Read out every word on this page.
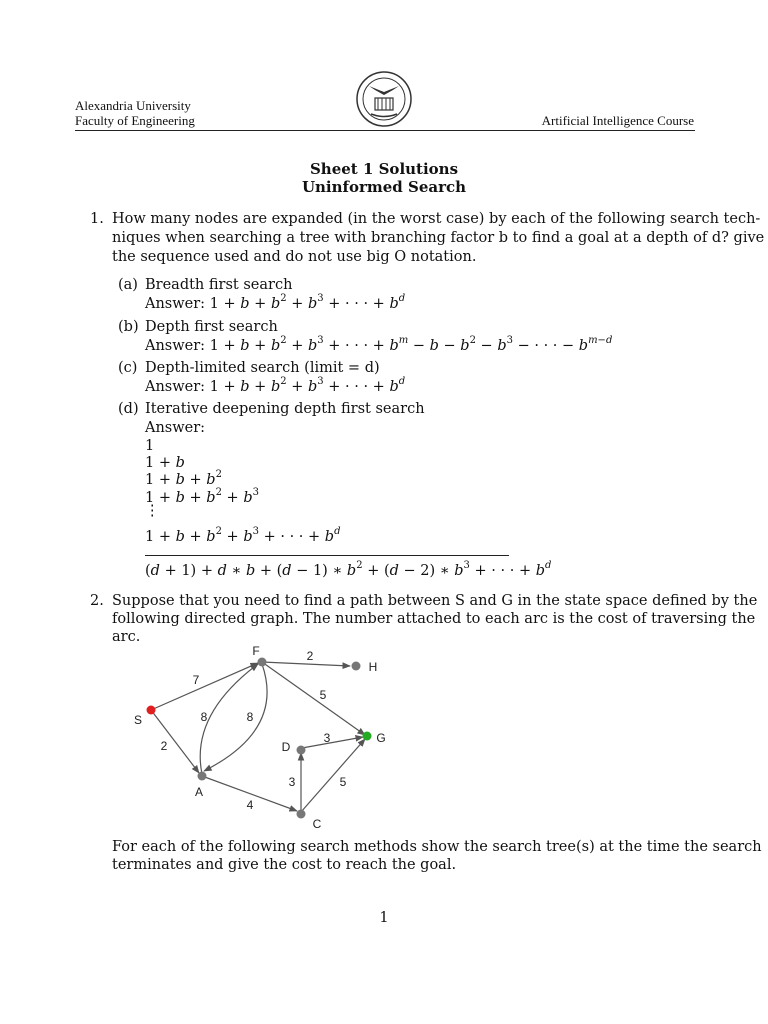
Alexandria University
Faculty of Engineering	Artificial Intelligence Course
Sheet 1 Solutions
Uninformed Search
1. How many nodes are expanded (in the worst case) by each of the following search tech-
niques when searching a tree with branching factor b to find a goal at a depth of d? give
the sequence used and do not use big O notation.
(a) Breadth first search
Answer: $1 + b + b^2 + b^3$ + · · · + $b^d$
(b) Depth first search
Answer: $1 + b + b^2 + b^3$ + · · · + $b^m - b - b^2 - b^3$ − · · · − $b^{m-d}$
(c) Depth-limited search (limit = d)
Answer: $1 + b + b^2 + b^3$ + · · · + $b^d$
(d) Iterative deepening depth first search
Answer:
1
1 + b
$1 + b + b^2$
$1 + b + b^2 + b^3$
⋮
$1 + b + b^2 + b^3$ + · · · + $b^d$
(d + 1) + d ∗ b + (d − 1) ∗ $b^2 + (d - 2)$ ∗ $b^3$ + · · · + $b^d$
2. Suppose that you need to find a path between S and G in the state space defined by the
following directed graph. The number attached to each arc is the cost of traversing the
arc.
7
2
2
5
8	8
4
3
3	5
S
F
H
A
D
G
C
For each of the following search methods show the search tree(s) at the time the search
terminates and give the cost to reach the goal.
1
